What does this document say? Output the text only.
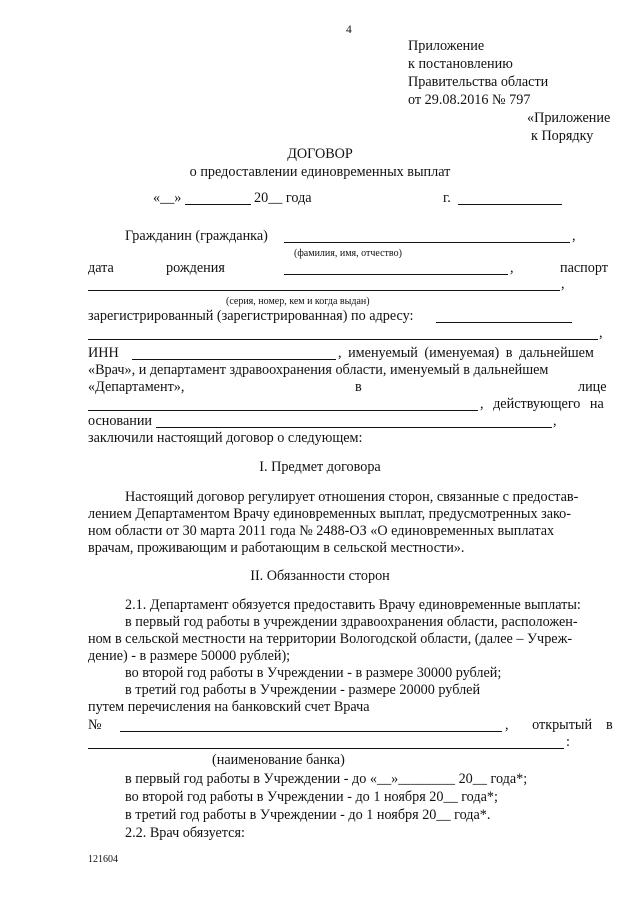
4
Приложение
к постановлению
Правительства области
от 29.08.2016 № 797
«Приложение
к Порядку
ДОГОВОР
о предоставлении единовременных выплат
«__»	20__ года	г.
Гражданин (гражданка)	,
(фамилия, имя, отчество)
дата	рождения	,	паспорт
,
(серия, номер, кем и когда выдан)
зарегистрированный (зарегистрированная) по адресу:
,
ИНН	, именуемый (именуемая) в дальнейшем
«Врач», и департамент здравоохранения области, именуемый в дальнейшем
«Департамент»,	в	лице
, действующего на
основании	,
заключили настоящий договор о следующем:
I. Предмет договора
Настоящий договор регулирует отношения сторон, связанные с предостав-
лением Департаментом Врачу единовременных выплат, предусмотренных зако-
ном области от 30 марта 2011 года № 2488-ОЗ «О единовременных выплатах
врачам, проживающим и работающим в сельской местности».
II. Обязанности сторон
2.1. Департамент обязуется предоставить Врачу единовременные выплаты:
в первый год работы в учреждении здравоохранения области, расположен-
ном в сельской местности на территории Вологодской области, (далее – Учреж-
дение) - в размере 50000 рублей);
во второй год работы в Учреждении - в размере 30000 рублей;
в третий год работы в Учреждении - размере 20000 рублей
путем перечисления на банковский счет Врача
№	, открытый в
:
(наименование банка)
в первый год работы в Учреждении - до «__»________ 20__ года*;
во второй год работы в Учреждении - до 1 ноября 20__ года*;
в третий год работы в Учреждении - до 1 ноября 20__ года*.
2.2. Врач обязуется:
121604
